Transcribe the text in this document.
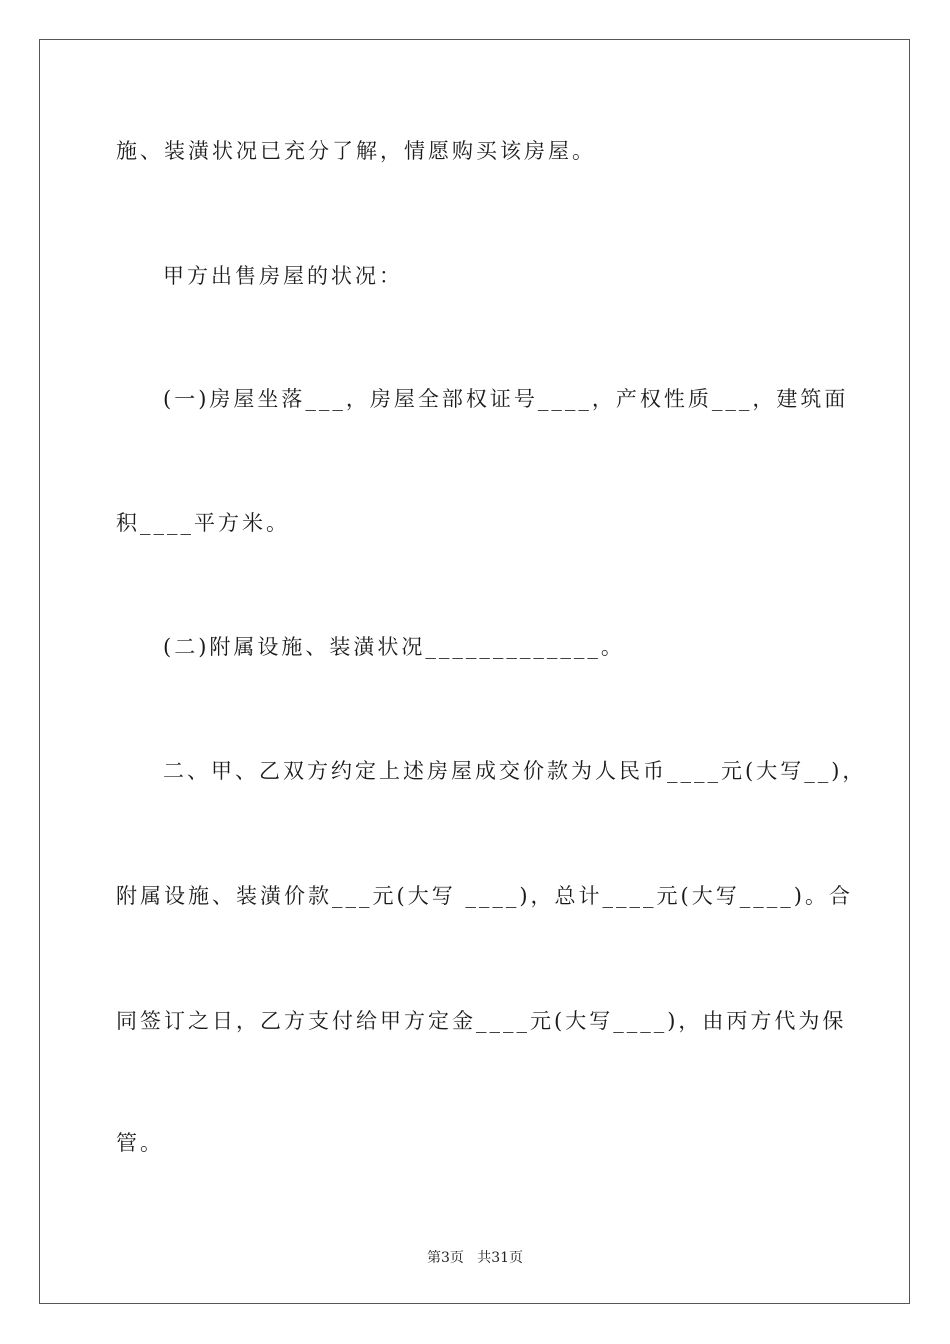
施、装潢状况已充分了解，情愿购买该房屋。
甲方出售房屋的状况：
(一)房屋坐落___，房屋全部权证号____，产权性质___，建筑面
积____平方米。
(二)附属设施、装潢状况_____________。
二、甲、乙双方约定上述房屋成交价款为人民币____元(大写__)，
附属设施、装潢价款___元(大写 ____)，总计____元(大写____)。合
同签订之日，乙方支付给甲方定金____元(大写____)，由丙方代为保
管。
第3页   共31页
